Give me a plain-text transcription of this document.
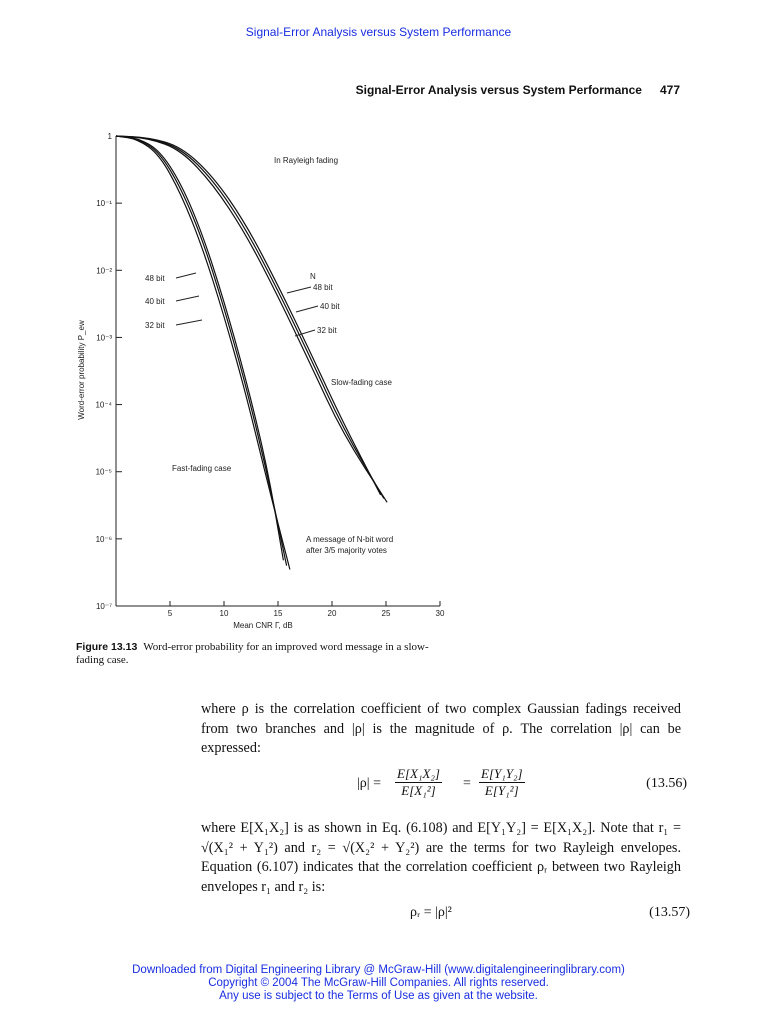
Signal-Error Analysis versus System Performance
Signal-Error Analysis versus System Performance 477
1
10⁻¹
10⁻²
10⁻³
10⁻⁴
10⁻⁵
10⁻⁶
10⁻⁷
Word-error probability P_ew
5	10	15	20	25	30
Mean CNR Γ, dB
In Rayleigh fading
48 bit
40 bit
32 bit
N
48 bit
40 bit
32 bit
Slow-fading case
Fast-fading case
A message of N-bit word
after 3/5 majority votes
Figure 13.13 Word-error probability for an improved word message in a slow-fading case.
where ρ is the correlation coefficient of two complex Gaussian fadings received from two branches and |ρ| is the magnitude of ρ. The correlation |ρ| can be expressed:
$|\rho| = \frac{\text{E[X₁X₂]}}{\text{E[X₁²]}} = \frac{\text{E[Y₁Y₂]}}{\text{E[Y₁²]}}$	(13.56)
where E[X₁X₂] is as shown in Eq. (6.108) and E[Y₁Y₂] = E[X₁X₂]. Note that r₁ = √(X₁² + Y₁²) and r₂ = √(X₂² + Y₂²) are the terms for two Rayleigh envelopes. Equation (6.107) indicates that the correlation coefficient ρᵣ between two Rayleigh envelopes r₁ and r₂ is:
ρᵣ = |ρ|²	(13.57)
Downloaded from Digital Engineering Library @ McGraw-Hill (www.digitalengineeringlibrary.com)
Copyright © 2004 The McGraw-Hill Companies. All rights reserved.
Any use is subject to the Terms of Use as given at the website.
